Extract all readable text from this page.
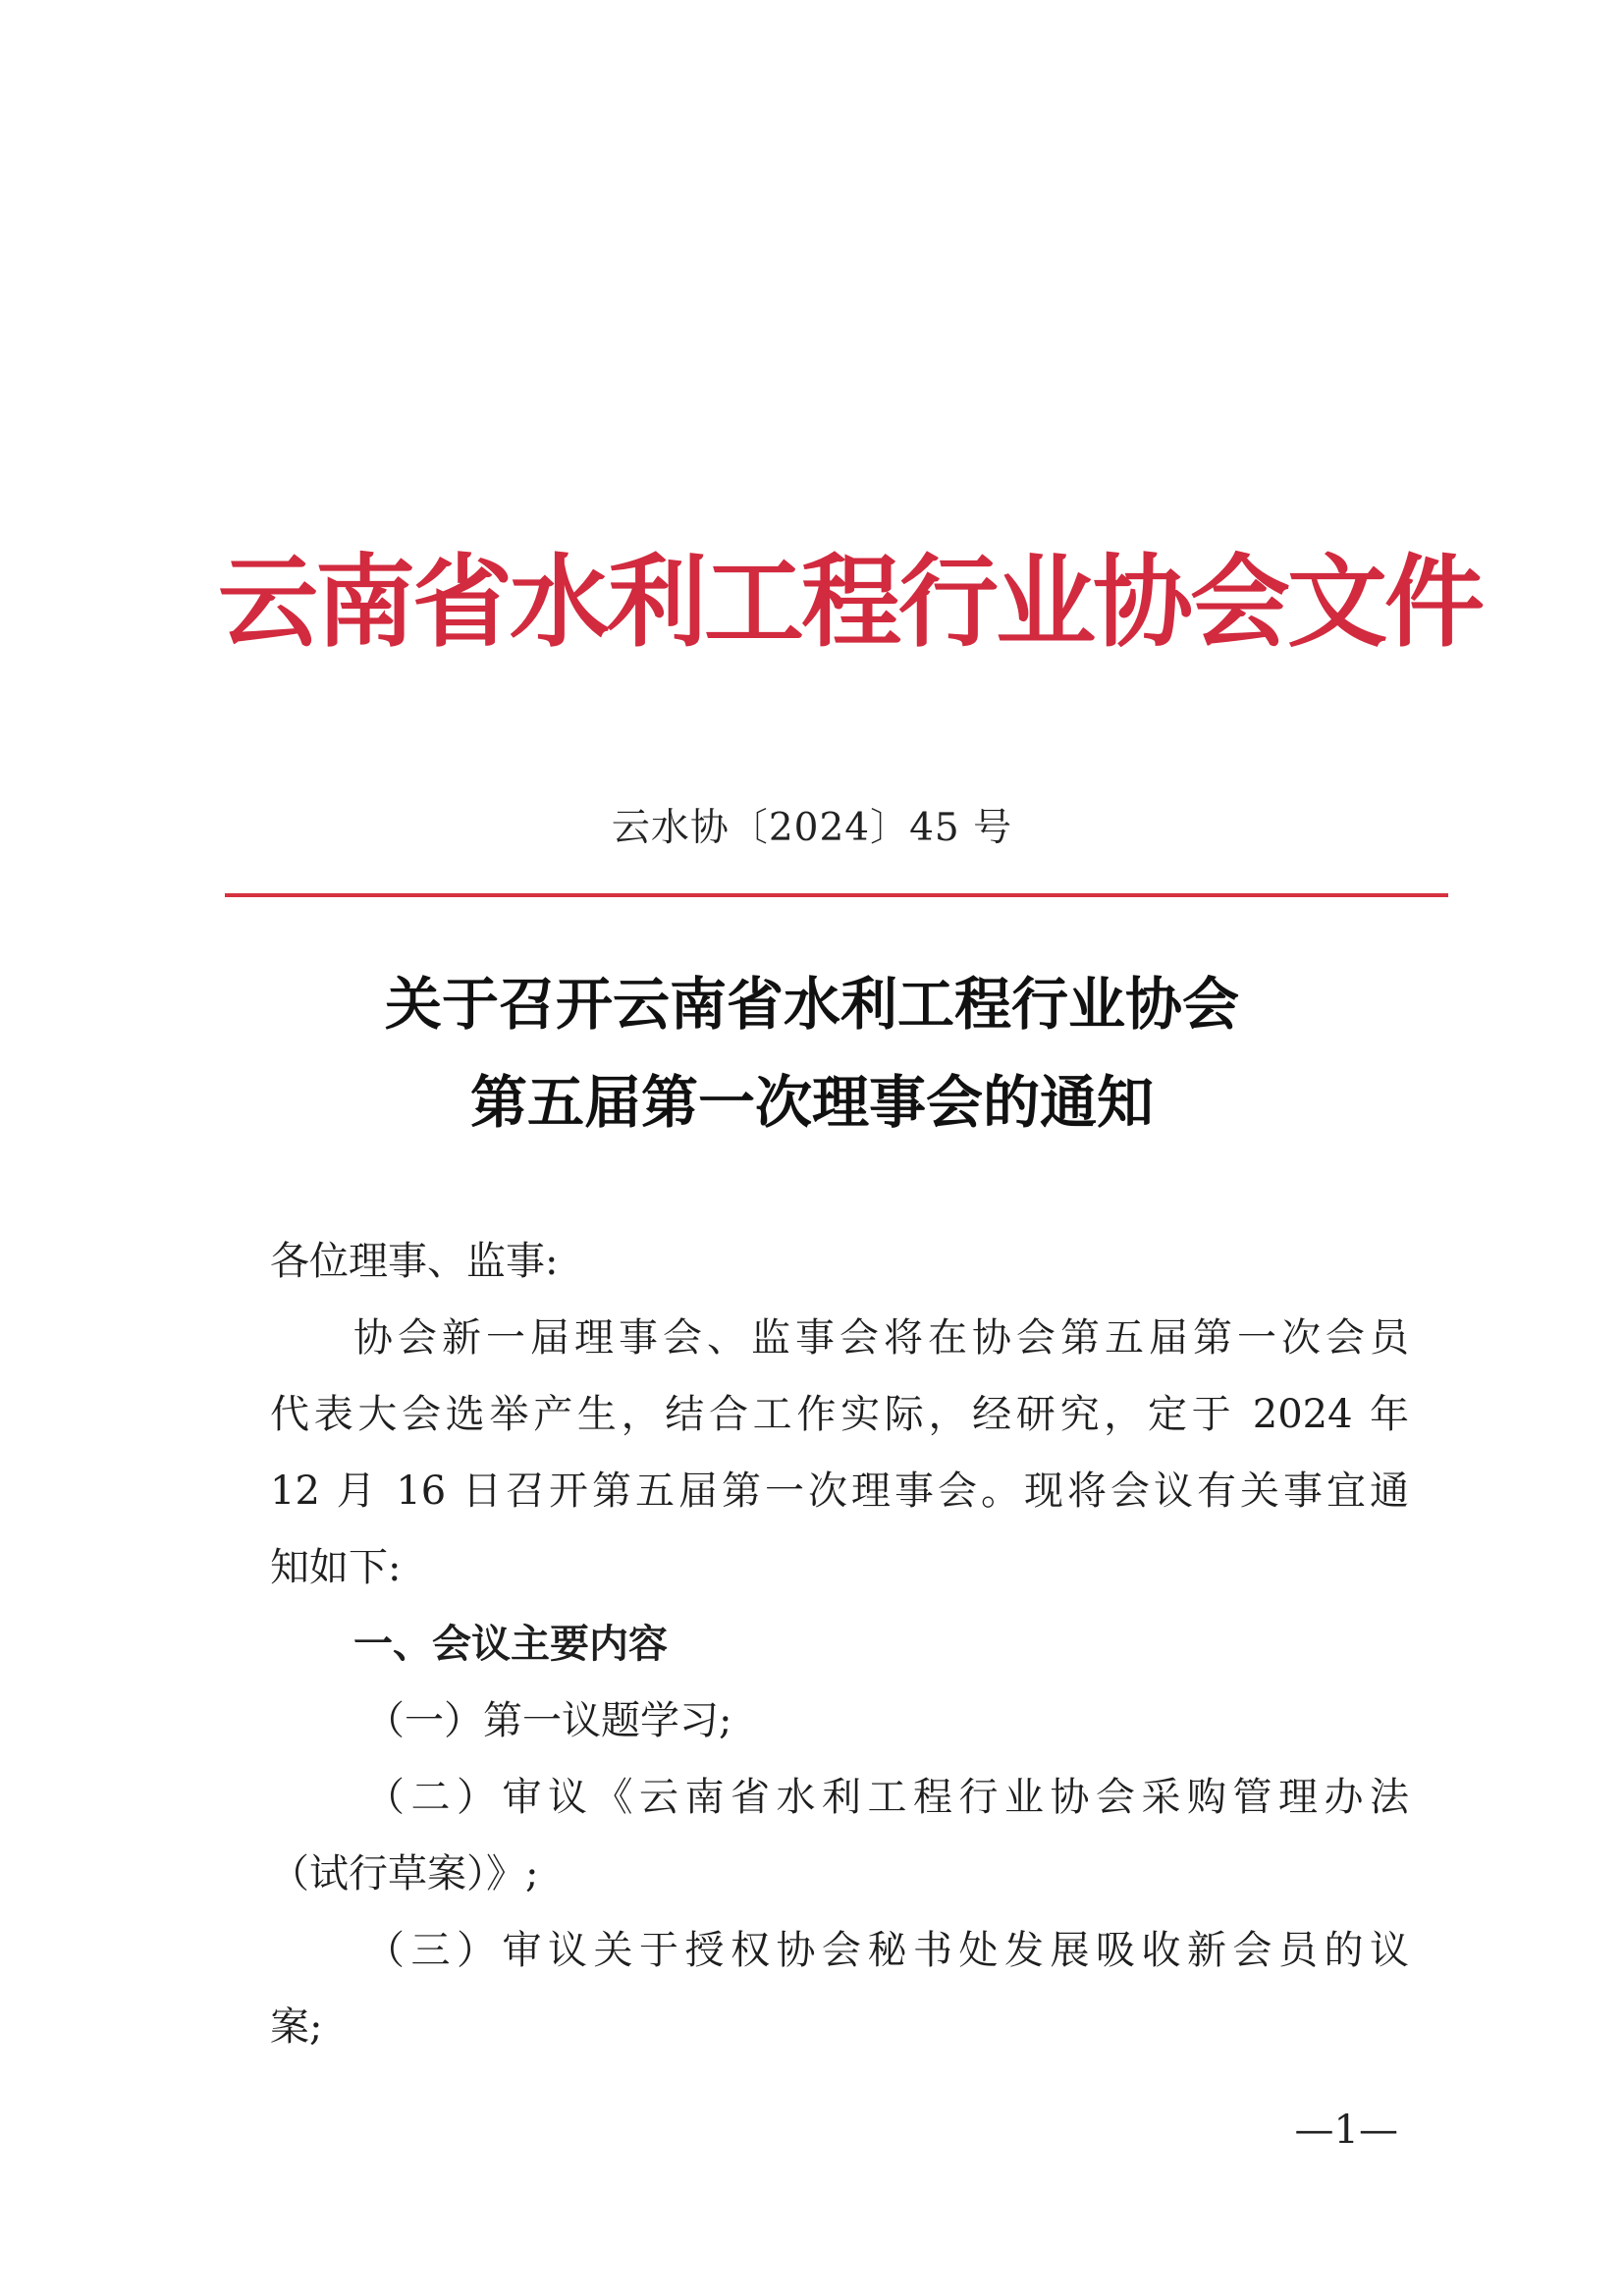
云南省水利工程行业协会文件
云水协〔2024〕45 号
关于召开云南省水利工程行业协会
第五届第一次理事会的通知
各位理事、监事:
协会新一届理事会、监事会将在协会第五届第一次会员
代表大会选举产生，结合工作实际，经研究，定于 2024 年
12 月 16 日召开第五届第一次理事会。现将会议有关事宜通
知如下:
一、会议主要内容
（一）第一议题学习;
（二）审议《云南省水利工程行业协会采购管理办法
（试行草案）》;
（三）审议关于授权协会秘书处发展吸收新会员的议
案;
—1—
